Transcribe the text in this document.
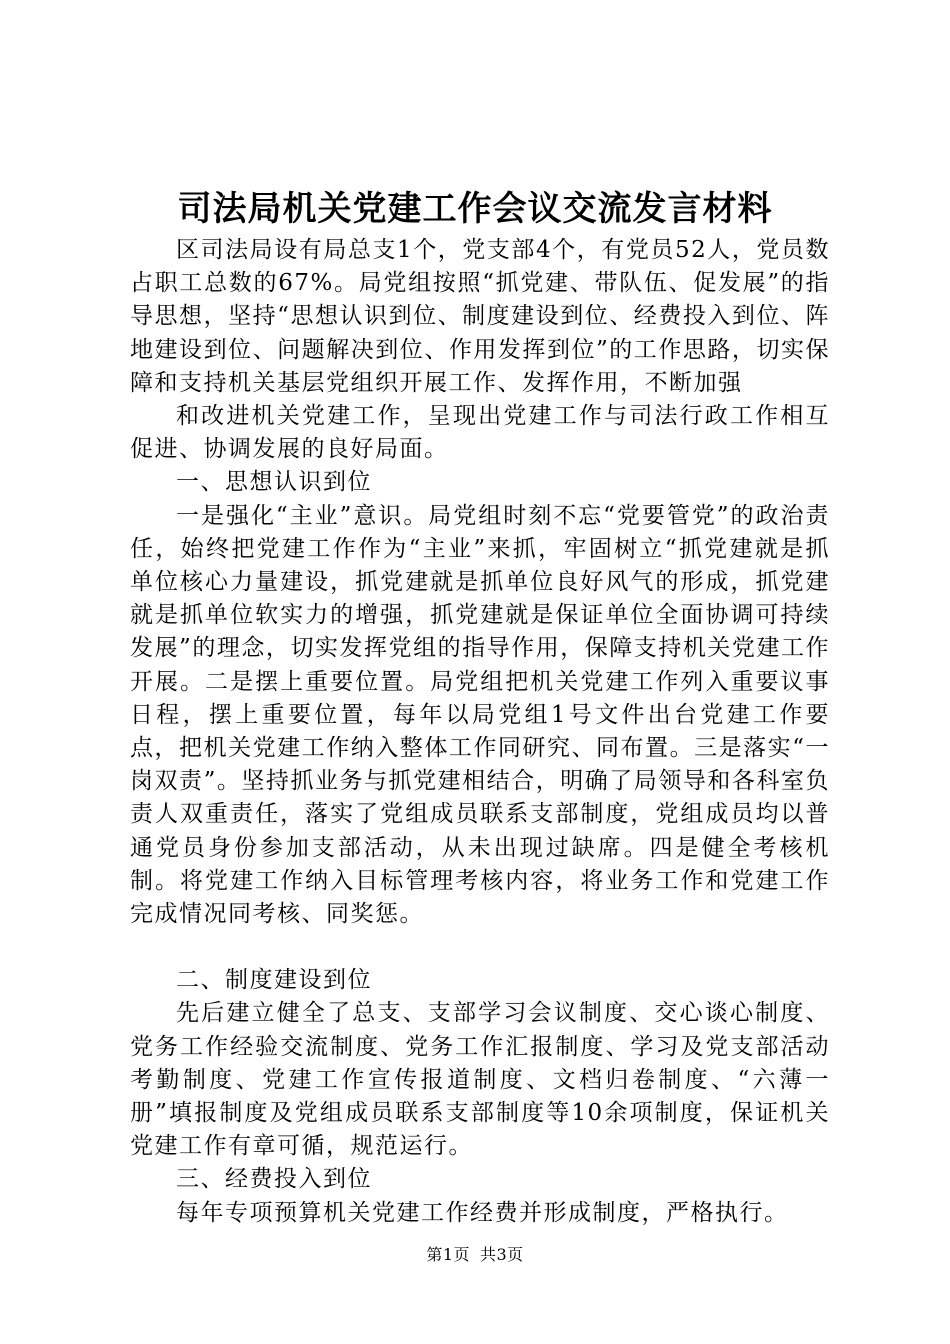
司法局机关党建工作会议交流发言材料

区司法局设有局总支1个，党支部4个，有党员52人，党员数占职工总数的67%。局党组按照“抓党建、带队伍、促发展”的指导思想，坚持“思想认识到位、制度建设到位、经费投入到位、阵地建设到位、问题解决到位、作用发挥到位”的工作思路，切实保障和支持机关基层党组织开展工作、发挥作用，不断加强

和改进机关党建工作，呈现出党建工作与司法行政工作相互促进、协调发展的良好局面。

一、思想认识到位

一是强化“主业”意识。局党组时刻不忘“党要管党”的政治责任，始终把党建工作作为“主业”来抓，牢固树立“抓党建就是抓单位核心力量建设，抓党建就是抓单位良好风气的形成，抓党建就是抓单位软实力的增强，抓党建就是保证单位全面协调可持续发展”的理念，切实发挥党组的指导作用，保障支持机关党建工作开展。二是摆上重要位置。局党组把机关党建工作列入重要议事日程，摆上重要位置，每年以局党组1号文件出台党建工作要点，把机关党建工作纳入整体工作同研究、同布置。三是落实“一岗双责”。坚持抓业务与抓党建相结合，明确了局领导和各科室负责人双重责任，落实了党组成员联系支部制度，党组成员均以普通党员身份参加支部活动，从未出现过缺席。四是健全考核机制。将党建工作纳入目标管理考核内容，将业务工作和党建工作完成情况同考核、同奖惩。

二、制度建设到位

先后建立健全了总支、支部学习会议制度、交心谈心制度、党务工作经验交流制度、党务工作汇报制度、学习及党支部活动考勤制度、党建工作宣传报道制度、文档归卷制度、“六薄一册”填报制度及党组成员联系支部制度等10余项制度，保证机关党建工作有章可循，规范运行。

三、经费投入到位

每年专项预算机关党建工作经费并形成制度，严格执行。

第1页 共3页
